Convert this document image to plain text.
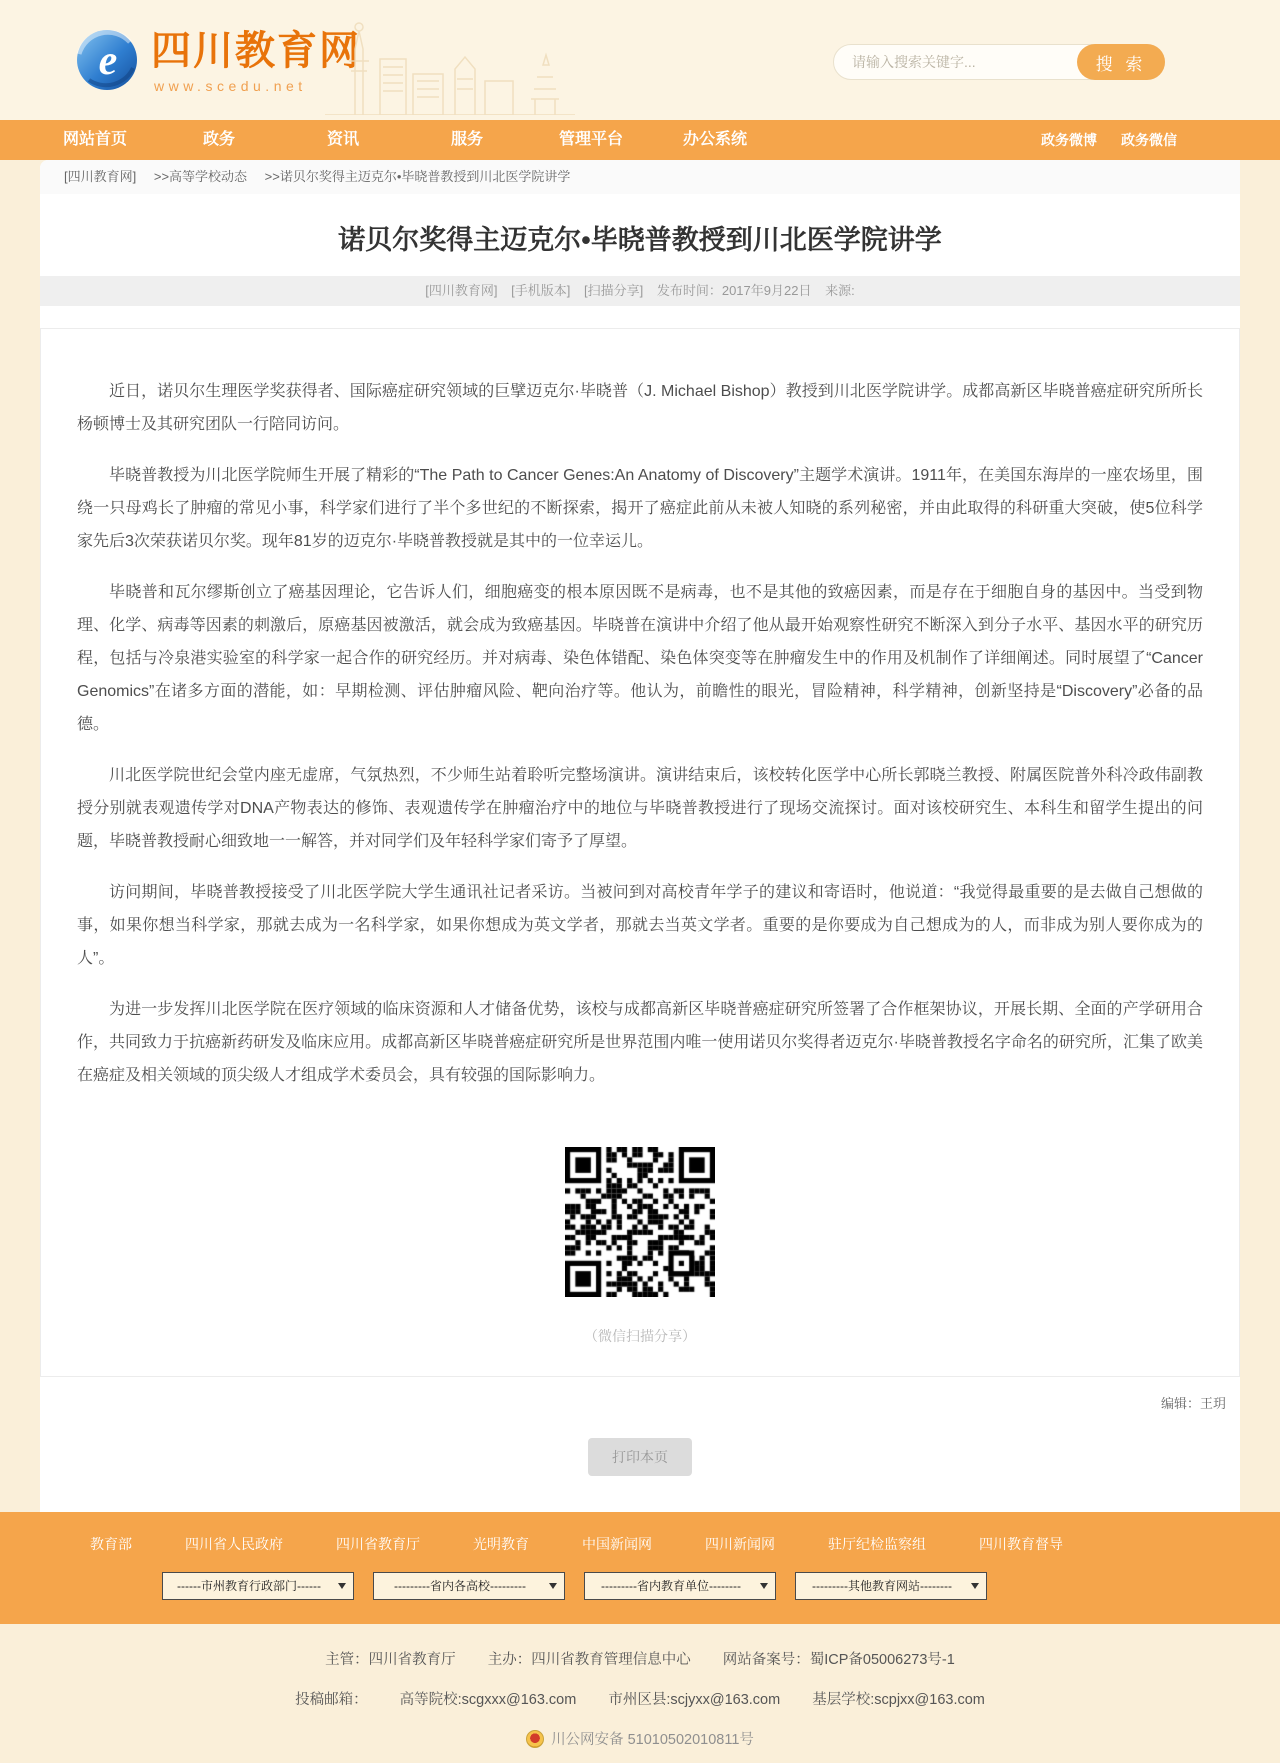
e 四川教育网
www.scedu.net
请输入搜索关键字...
搜 索
网站首页	政务	资讯	服务	管理平台	办公系统	政务微博 政务微信
[四川教育网] >>高等学校动态 >>诺贝尔奖得主迈克尔•毕晓普教授到川北医学院讲学
诺贝尔奖得主迈克尔•毕晓普教授到川北医学院讲学
[四川教育网] [手机版本] [扫描分享] 发布时间：2017年9月22日 来源:

近日，诺贝尔生理医学奖获得者、国际癌症研究领域的巨擘迈克尔·毕晓普（J. Michael Bishop）教授到川北医学院讲学。成都高新区毕晓普癌症研究所所长杨顿博士及其研究团队一行陪同访问。

毕晓普教授为川北医学院师生开展了精彩的“The Path to Cancer Genes:An Anatomy of Discovery”主题学术演讲。1911年，在美国东海岸的一座农场里，围绕一只母鸡长了肿瘤的常见小事，科学家们进行了半个多世纪的不断探索，揭开了癌症此前从未被人知晓的系列秘密，并由此取得的科研重大突破，使5位科学家先后3次荣获诺贝尔奖。现年81岁的迈克尔·毕晓普教授就是其中的一位幸运儿。

毕晓普和瓦尔缪斯创立了癌基因理论，它告诉人们，细胞癌变的根本原因既不是病毒，也不是其他的致癌因素，而是存在于细胞自身的基因中。当受到物理、化学、病毒等因素的刺激后，原癌基因被激活，就会成为致癌基因。毕晓普在演讲中介绍了他从最开始观察性研究不断深入到分子水平、基因水平的研究历程，包括与冷泉港实验室的科学家一起合作的研究经历。并对病毒、染色体错配、染色体突变等在肿瘤发生中的作用及机制作了详细阐述。同时展望了“Cancer Genomics”在诸多方面的潜能，如：早期检测、评估肿瘤风险、靶向治疗等。他认为，前瞻性的眼光，冒险精神，科学精神，创新坚持是“Discovery”必备的品德。

川北医学院世纪会堂内座无虚席，气氛热烈，不少师生站着聆听完整场演讲。演讲结束后，该校转化医学中心所长郭晓兰教授、附属医院普外科冷政伟副教授分别就表观遗传学对DNA产物表达的修饰、表观遗传学在肿瘤治疗中的地位与毕晓普教授进行了现场交流探讨。面对该校研究生、本科生和留学生提出的问题，毕晓普教授耐心细致地一一解答，并对同学们及年轻科学家们寄予了厚望。

访问期间，毕晓普教授接受了川北医学院大学生通讯社记者采访。当被问到对高校青年学子的建议和寄语时，他说道：“我觉得最重要的是去做自己想做的事，如果你想当科学家，那就去成为一名科学家，如果你想成为英文学者，那就去当英文学者。重要的是你要成为自己想成为的人，而非成为别人要你成为的人”。

为进一步发挥川北医学院在医疗领域的临床资源和人才储备优势，该校与成都高新区毕晓普癌症研究所签署了合作框架协议，开展长期、全面的产学研用合作，共同致力于抗癌新药研发及临床应用。成都高新区毕晓普癌症研究所是世界范围内唯一使用诺贝尔奖得者迈克尔·毕晓普教授名字命名的研究所，汇集了欧美在癌症及相关领域的顶尖级人才组成学术委员会，具有较强的国际影响力。

（微信扫描分享）
编辑：王玥
打印本页
教育部	四川省人民政府	四川省教育厅	光明教育	中国新闻网	四川新闻网	驻厅纪检监察组	四川教育督导
------市州教育行政部门------
---------省内各高校---------
---------省内教育单位--------
---------其他教育网站--------
主管：四川省教育厅 主办：四川省教育管理信息中心 网站备案号：蜀ICP备05006273号-1
投稿邮箱： 高等院校:scgxxx@163.com 市州区县:scjyxx@163.com 基层学校:scpjxx@163.com
川公网安备 51010502010811号
